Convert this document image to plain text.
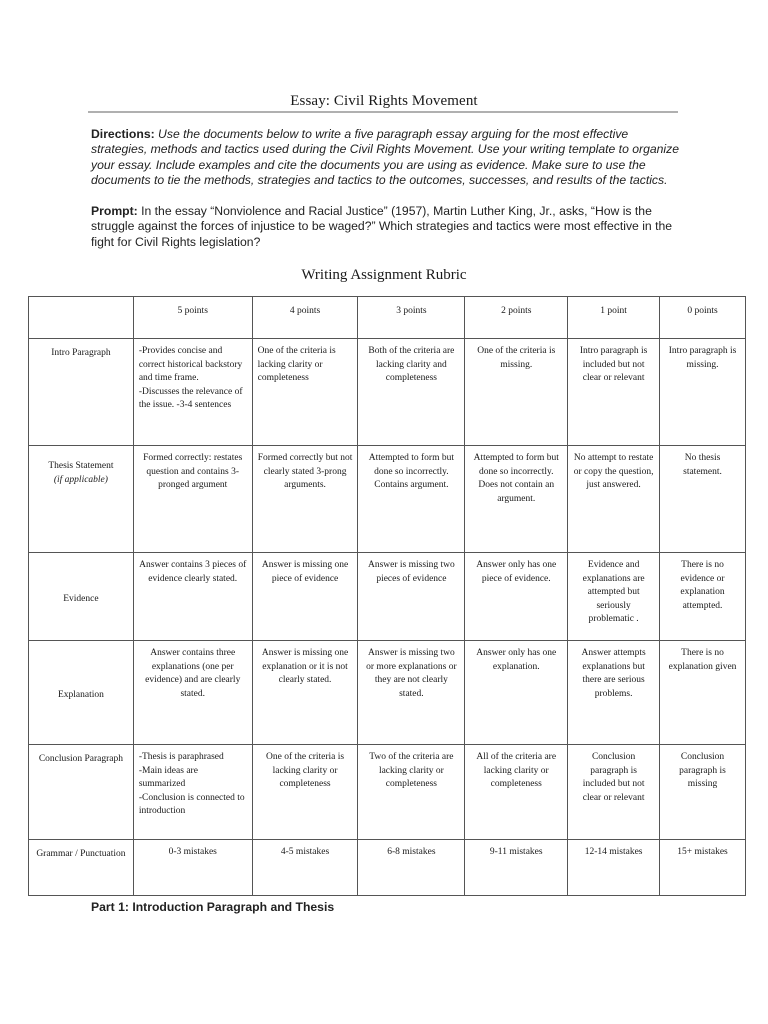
Essay: Civil Rights Movement
Directions: Use the documents below to write a five paragraph essay arguing for the most effective strategies, methods and tactics used during the Civil Rights Movement. Use your writing template to organize your essay. Include examples and cite the documents you are using as evidence. Make sure to use the documents to tie the methods, strategies and tactics to the outcomes, successes, and results of the tactics.
Prompt: In the essay “Nonviolence and Racial Justice” (1957), Martin Luther King, Jr., asks, “How is the struggle against the forces of injustice to be waged?” Which strategies and tactics were most effective in the fight for Civil Rights legislation?
Writing Assignment Rubric
	5 points	4 points	3 points	2 points	1 point	0 points
Intro Paragraph	-Provides concise and correct historical backstory and time frame.
-Discusses the relevance of the issue. -3-4 sentences	One of the criteria is lacking clarity or completeness	Both of the criteria are lacking clarity and completeness	One of the criteria is missing.	Intro paragraph is included but not clear or relevant	Intro paragraph is missing.
Thesis Statement
(if applicable)	Formed correctly: restates question and contains 3- pronged argument	Formed correctly but not clearly stated 3-prong arguments.	Attempted to form but done so incorrectly. Contains argument.	Attempted to form but done so incorrectly. Does not contain an argument.	No attempt to restate or copy the question, just answered.	No thesis statement.
Evidence	Answer contains 3 pieces of evidence clearly stated.	Answer is missing one piece of evidence	Answer is missing two pieces of evidence	Answer only has one piece of evidence.	Evidence and explanations are attempted but seriously problematic .	There is no evidence or explanation attempted.
Explanation	Answer contains three explanations (one per evidence) and are clearly stated.	Answer is missing one explanation or it is not clearly stated.	Answer is missing two or more explanations or they are not clearly stated.	Answer only has one explanation.	Answer attempts explanations but there are serious problems.	There is no explanation given
Conclusion Paragraph	-Thesis is paraphrased
-Main ideas are summarized
-Conclusion is connected to introduction	One of the criteria is lacking clarity or completeness	Two of the criteria are lacking clarity or completeness	All of the criteria are lacking clarity or completeness	Conclusion paragraph is included but not clear or relevant	Conclusion paragraph is missing
Grammar / Punctuation	0-3 mistakes	4-5 mistakes	6-8 mistakes	9-11 mistakes	12-14 mistakes	15+ mistakes
Part 1: Introduction Paragraph and Thesis
